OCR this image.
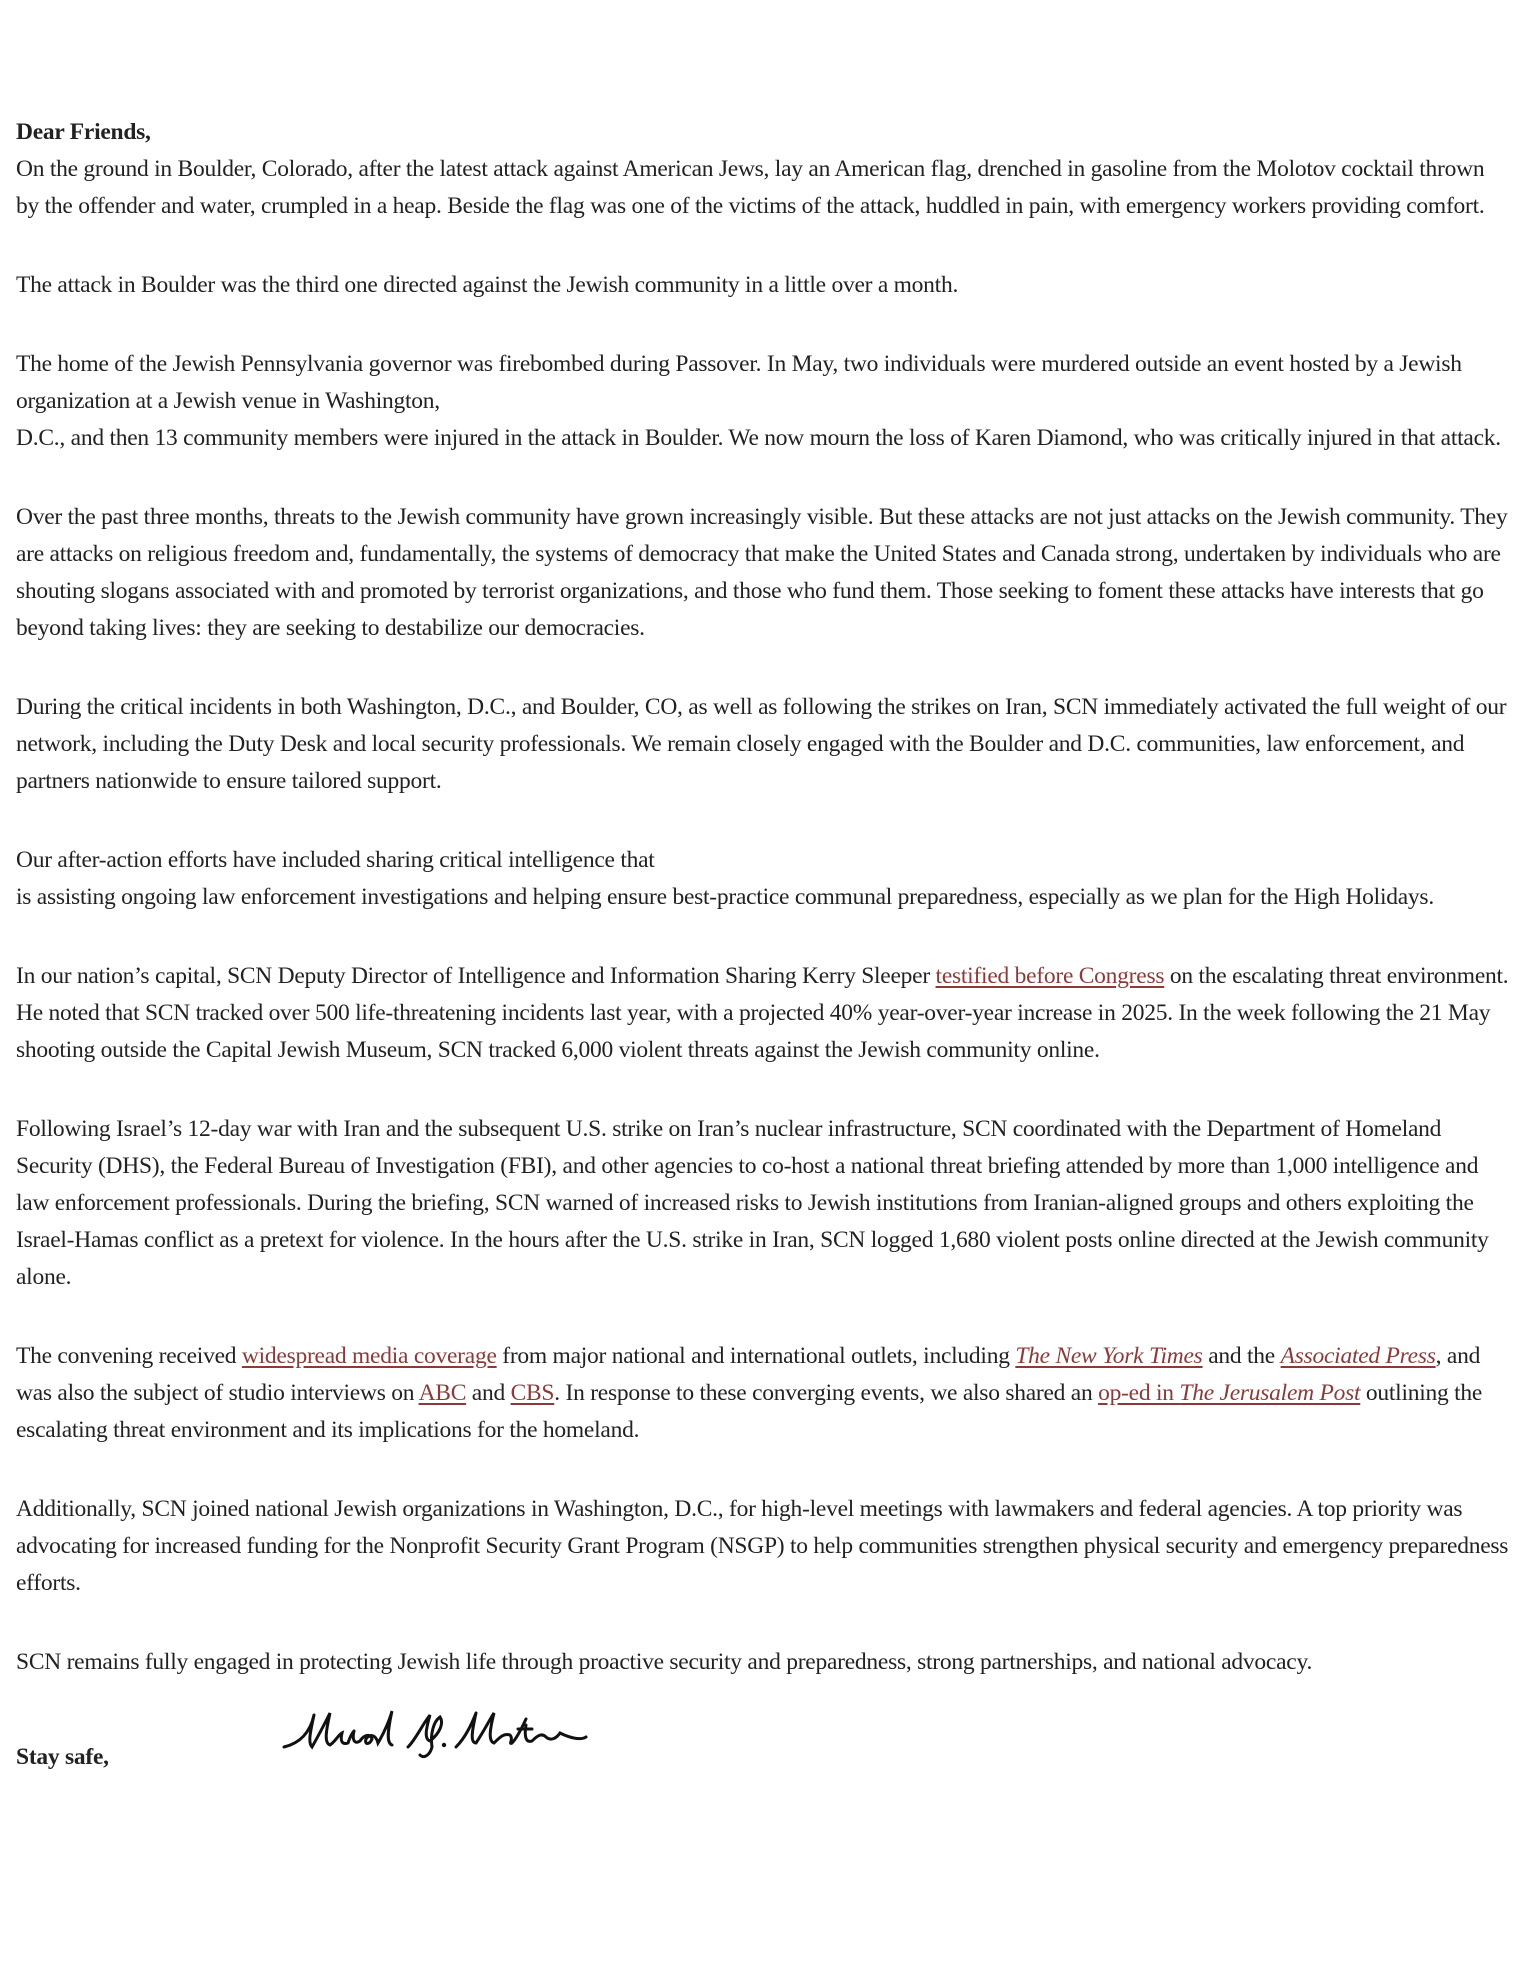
Dear Friends,

On the ground in Boulder, Colorado, after the latest attack against American Jews, lay an American flag, drenched in gasoline from the Molotov cocktail thrown by the offender and water, crumpled in a heap. Beside the flag was one of the victims of the attack, huddled in pain, with emergency workers providing comfort.

The attack in Boulder was the third one directed against the Jewish community in a little over a month.

The home of the Jewish Pennsylvania governor was firebombed during Passover. In May, two individuals were murdered outside an event hosted by a Jewish organization at a Jewish venue in Washington,
D.C., and then 13 community members were injured in the attack in Boulder. We now mourn the loss of Karen Diamond, who was critically injured in that attack.

Over the past three months, threats to the Jewish community have grown increasingly visible. But these attacks are not just attacks on the Jewish community. They are attacks on religious freedom and, fundamentally, the systems of democracy that make the United States and Canada strong, undertaken by individuals who are shouting slogans associated with and promoted by terrorist organizations, and those who fund them. Those seeking to foment these attacks have interests that go beyond taking lives: they are seeking to destabilize our democracies.

During the critical incidents in both Washington, D.C., and Boulder, CO, as well as following the strikes on Iran, SCN immediately activated the full weight of our network, including the Duty Desk and local security professionals. We remain closely engaged with the Boulder and D.C. communities, law enforcement, and partners nationwide to ensure tailored support.

Our after-action efforts have included sharing critical intelligence that
is assisting ongoing law enforcement investigations and helping ensure best-practice communal preparedness, especially as we plan for the High Holidays.

In our nation’s capital, SCN Deputy Director of Intelligence and Information Sharing Kerry Sleeper testified before Congress on the escalating threat environment. He noted that SCN tracked over 500 life-threatening incidents last year, with a projected 40% year-over-year increase in 2025. In the week following the 21 May shooting outside the Capital Jewish Museum, SCN tracked 6,000 violent threats against the Jewish community online.

Following Israel’s 12-day war with Iran and the subsequent U.S. strike on Iran’s nuclear infrastructure, SCN coordinated with the Department of Homeland Security (DHS), the Federal Bureau of Investigation (FBI), and other agencies to co-host a national threat briefing attended by more than 1,000 intelligence and law enforcement professionals. During the briefing, SCN warned of increased risks to Jewish institutions from Iranian-aligned groups and others exploiting the Israel-Hamas conflict as a pretext for violence. In the hours after the U.S. strike in Iran, SCN logged 1,680 violent posts online directed at the Jewish community alone.

The convening received widespread media coverage from major national and international outlets, including The New York Times and the Associated Press, and was also the subject of studio interviews on ABC and CBS. In response to these converging events, we also shared an op-ed in The Jerusalem Post outlining the escalating threat environment and its implications for the homeland.

Additionally, SCN joined national Jewish organizations in Washington, D.C., for high-level meetings with lawmakers and federal agencies. A top priority was advocating for increased funding for the Nonprofit Security Grant Program (NSGP) to help communities strengthen physical security and emergency preparedness efforts.

SCN remains fully engaged in protecting Jewish life through proactive security and preparedness, strong partnerships, and national advocacy.

Stay safe,
